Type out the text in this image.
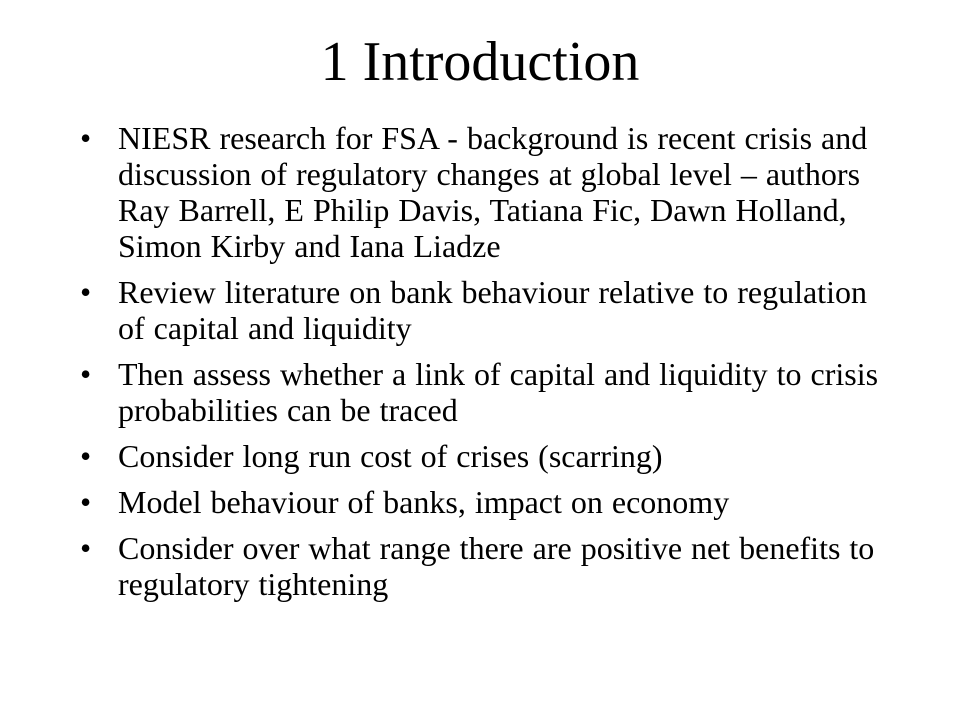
1 Introduction
• NIESR research for FSA - background is recent crisis and discussion of regulatory changes at global level – authors Ray Barrell, E Philip Davis, Tatiana Fic, Dawn Holland, Simon Kirby and Iana Liadze
• Review literature on bank behaviour relative to regulation of capital and liquidity
• Then assess whether a link of capital and liquidity to crisis probabilities can be traced
• Consider long run cost of crises (scarring)
• Model behaviour of banks, impact on economy
• Consider over what range there are positive net benefits to regulatory tightening
